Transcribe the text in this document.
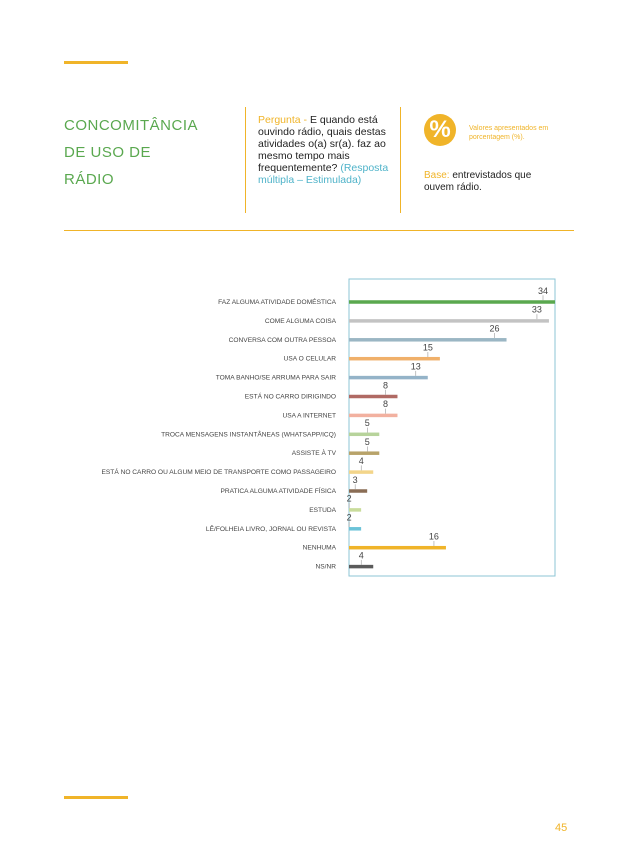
CONCOMITÂNCIA
DE USO DE
RÁDIO
Pergunta - E quando está ouvindo rádio, quais destas atividades o(a) sr(a). faz ao mesmo tempo mais frequentemente? (Resposta múltipla – Estimulada)
%	Valores apresentados em porcentagem (%).
Base: entrevistados que ouvem rádio.
FAZ ALGUMA ATIVIDADE DOMÉSTICA
34
COME ALGUMA COISA
33
CONVERSA COM OUTRA PESSOA
26
USA O CELULAR
15
TOMA BANHO/SE ARRUMA PARA SAIR
13
ESTÁ NO CARRO DIRIGINDO
8
USA A INTERNET
8
TROCA MENSAGENS INSTANTÂNEAS (WHATSAPP/ICQ)
5
ASSISTE À TV
5
ESTÁ NO CARRO OU ALGUM MEIO DE TRANSPORTE COMO PASSAGEIRO
4
PRATICA ALGUMA ATIVIDADE FÍSICA
3
ESTUDA
2
LÊ/FOLHEIA LIVRO, JORNAL OU REVISTA
2
NENHUMA
16
NS/NR
4
45
